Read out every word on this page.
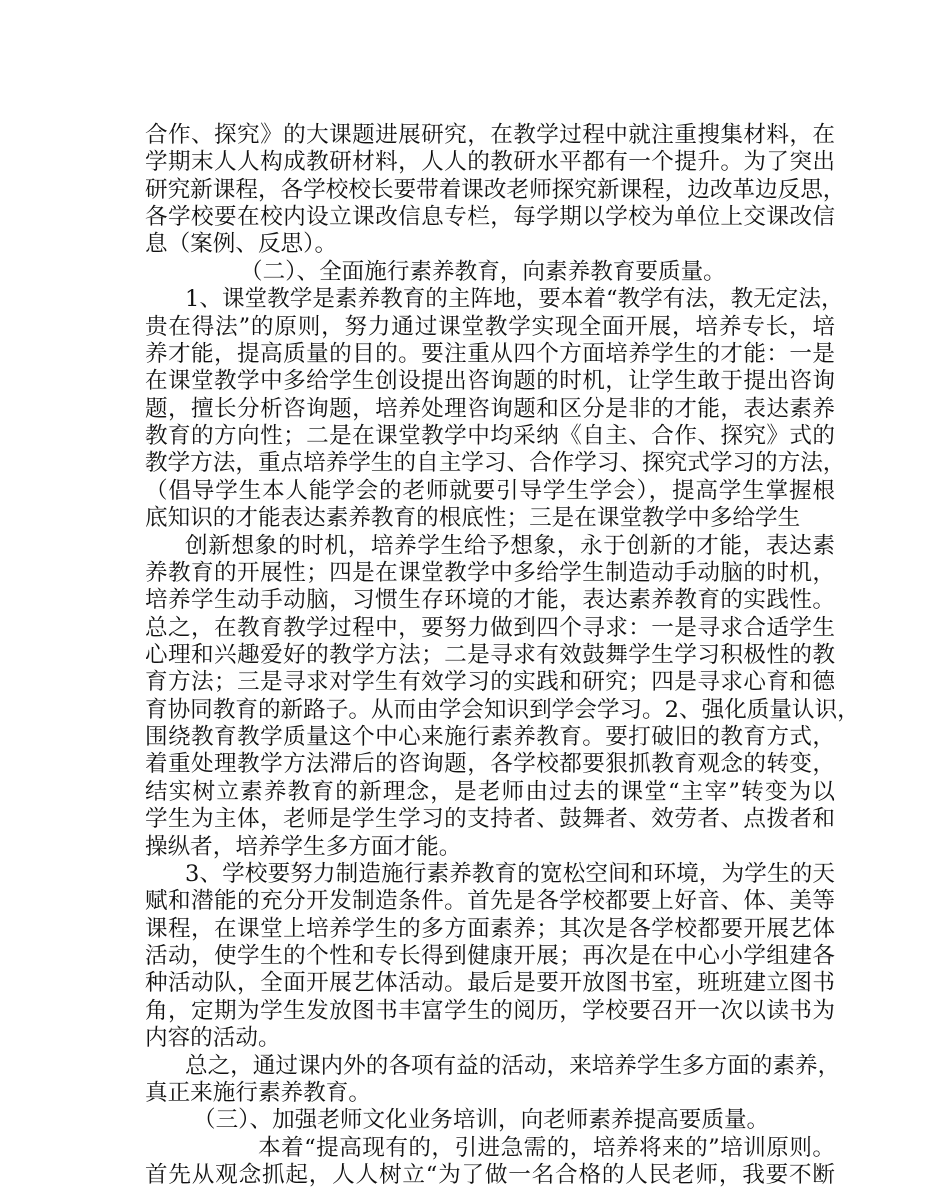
合作、探究》的大课题进展研究，在教学过程中就注重搜集材料，在
学期末人人构成教研材料，人人的教研水平都有一个提升。为了突出
研究新课程，各学校校长要带着课改老师探究新课程，边改革边反思，
各学校要在校内设立课改信息专栏，每学期以学校为单位上交课改信
息（案例、反思）。
（二）、全面施行素养教育，向素养教育要质量。
1、课堂教学是素养教育的主阵地，要本着“教学有法，教无定法，
贵在得法”的原则，努力通过课堂教学实现全面开展，培养专长，培
养才能，提高质量的目的。要注重从四个方面培养学生的才能：一是
在课堂教学中多给学生创设提出咨询题的时机，让学生敢于提出咨询
题，擅长分析咨询题，培养处理咨询题和区分是非的才能，表达素养
教育的方向性；二是在课堂教学中均采纳《自主、合作、探究》式的
教学方法，重点培养学生的自主学习、合作学习、探究式学习的方法，
（倡导学生本人能学会的老师就要引导学生学会），提高学生掌握根
底知识的才能表达素养教育的根底性；三是在课堂教学中多给学生
创新想象的时机，培养学生给予想象，永于创新的才能，表达素
养教育的开展性；四是在课堂教学中多给学生制造动手动脑的时机，
培养学生动手动脑，习惯生存环境的才能，表达素养教育的实践性。
总之，在教育教学过程中，要努力做到四个寻求：一是寻求合适学生
心理和兴趣爱好的教学方法；二是寻求有效鼓舞学生学习积极性的教
育方法；三是寻求对学生有效学习的实践和研究；四是寻求心育和德
育协同教育的新路子。从而由学会知识到学会学习。2、强化质量认识，
围绕教育教学质量这个中心来施行素养教育。要打破旧的教育方式，
着重处理教学方法滞后的咨询题，各学校都要狠抓教育观念的转变，
结实树立素养教育的新理念，是老师由过去的课堂“主宰”转变为以
学生为主体，老师是学生学习的支持者、鼓舞者、效劳者、点拨者和
操纵者，培养学生多方面才能。
3、学校要努力制造施行素养教育的宽松空间和环境，为学生的天
赋和潜能的充分开发制造条件。首先是各学校都要上好音、体、美等
课程，在课堂上培养学生的多方面素养；其次是各学校都要开展艺体
活动，使学生的个性和专长得到健康开展；再次是在中心小学组建各
种活动队，全面开展艺体活动。最后是要开放图书室，班班建立图书
角，定期为学生发放图书丰富学生的阅历，学校要召开一次以读书为
内容的活动。
总之，通过课内外的各项有益的活动，来培养学生多方面的素养，
真正来施行素养教育。
（三）、加强老师文化业务培训，向老师素养提高要质量。
本着“提高现有的，引进急需的，培养将来的”培训原则。
首先从观念抓起，人人树立“为了做一名合格的人民老师，我要不断
